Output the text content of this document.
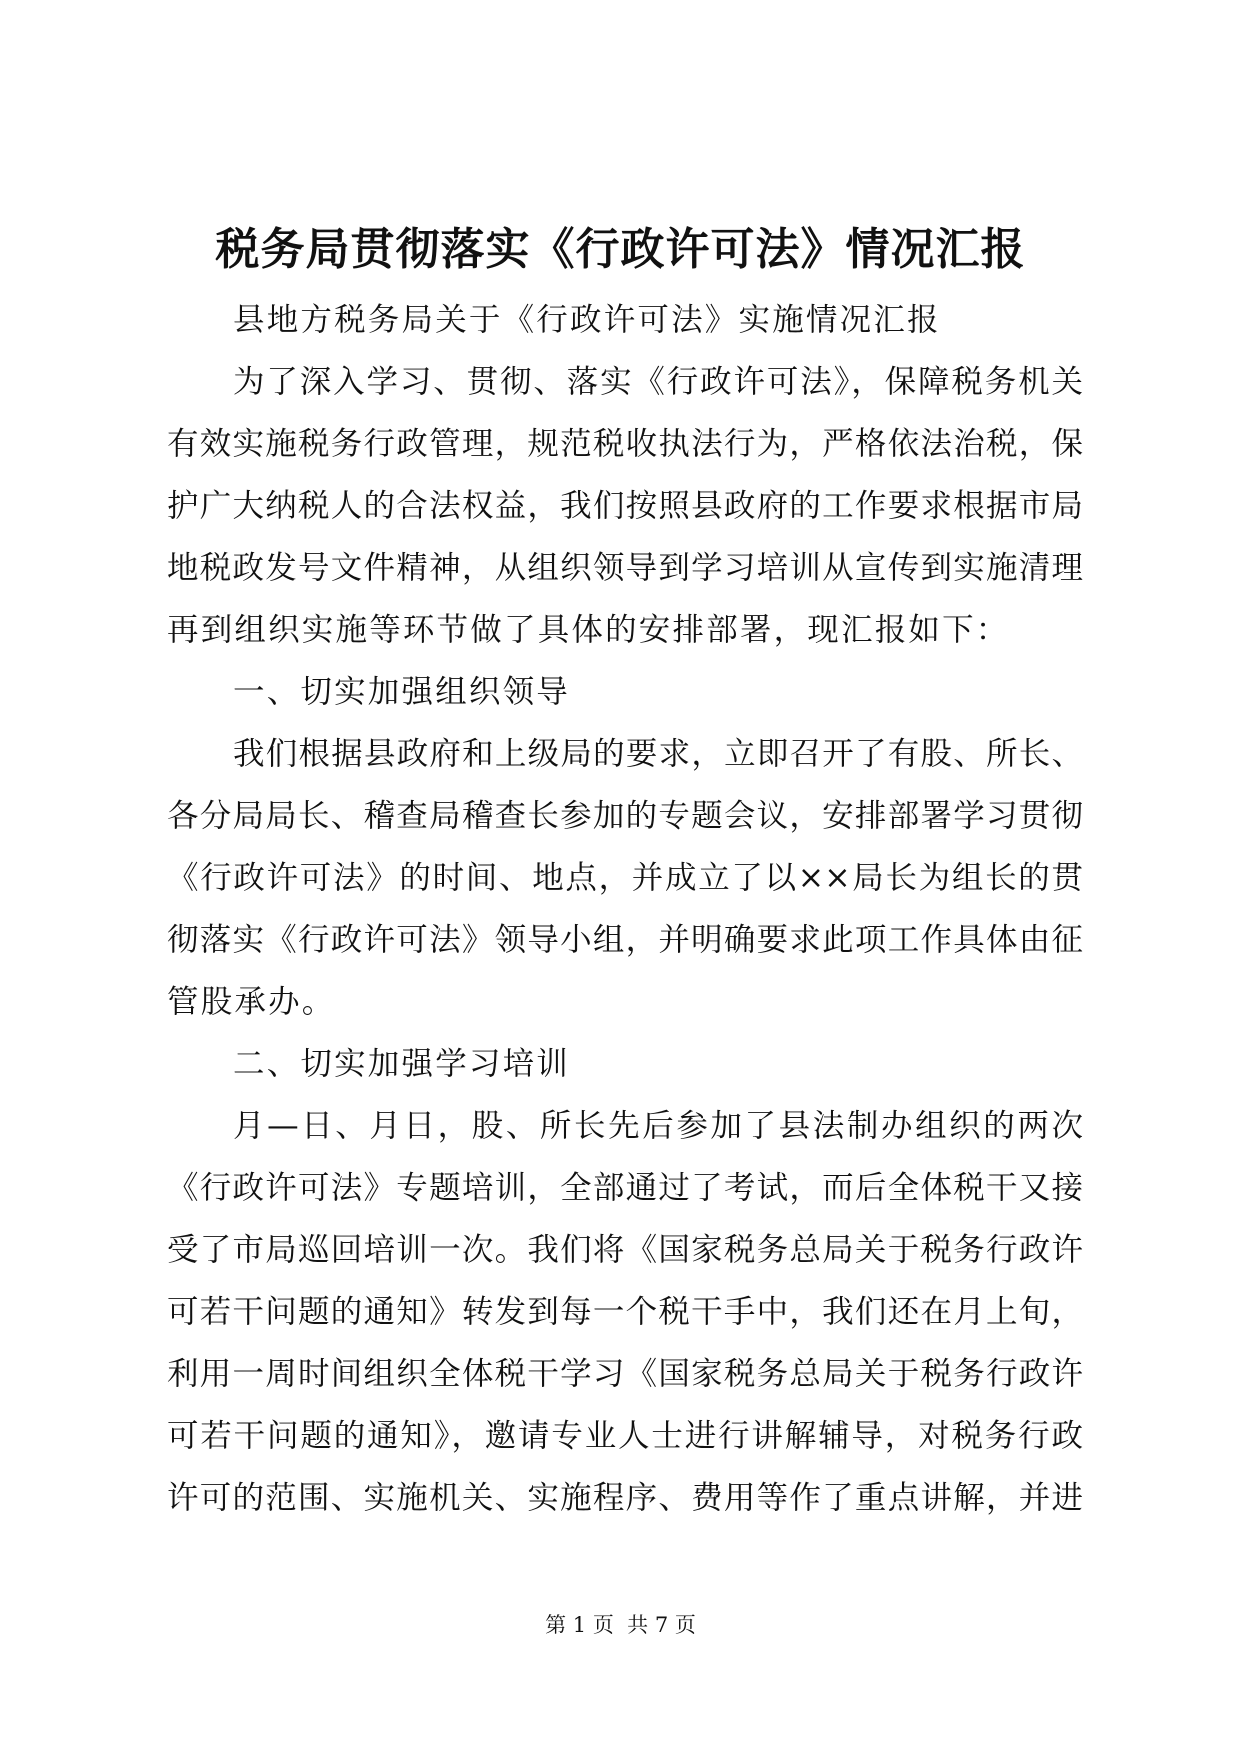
税务局贯彻落实《行政许可法》情况汇报
县地方税务局关于《行政许可法》实施情况汇报
为了深入学习、贯彻、落实《行政许可法》，保障税务机关
有效实施税务行政管理，规范税收执法行为，严格依法治税，保
护广大纳税人的合法权益，我们按照县政府的工作要求根据市局
地税政发号文件精神，从组织领导到学习培训从宣传到实施清理
再到组织实施等环节做了具体的安排部署，现汇报如下：
一、切实加强组织领导
我们根据县政府和上级局的要求，立即召开了有股、所长、
各分局局长、稽查局稽查长参加的专题会议，安排部署学习贯彻
《行政许可法》的时间、地点，并成立了以××局长为组长的贯
彻落实《行政许可法》领导小组，并明确要求此项工作具体由征
管股承办。
二、切实加强学习培训
月—日、月日，股、所长先后参加了县法制办组织的两次
《行政许可法》专题培训，全部通过了考试，而后全体税干又接
受了市局巡回培训一次。我们将《国家税务总局关于税务行政许
可若干问题的通知》转发到每一个税干手中，我们还在月上旬，
利用一周时间组织全体税干学习《国家税务总局关于税务行政许
可若干问题的通知》，邀请专业人士进行讲解辅导，对税务行政
许可的范围、实施机关、实施程序、费用等作了重点讲解，并进
第 1 页  共 7 页
